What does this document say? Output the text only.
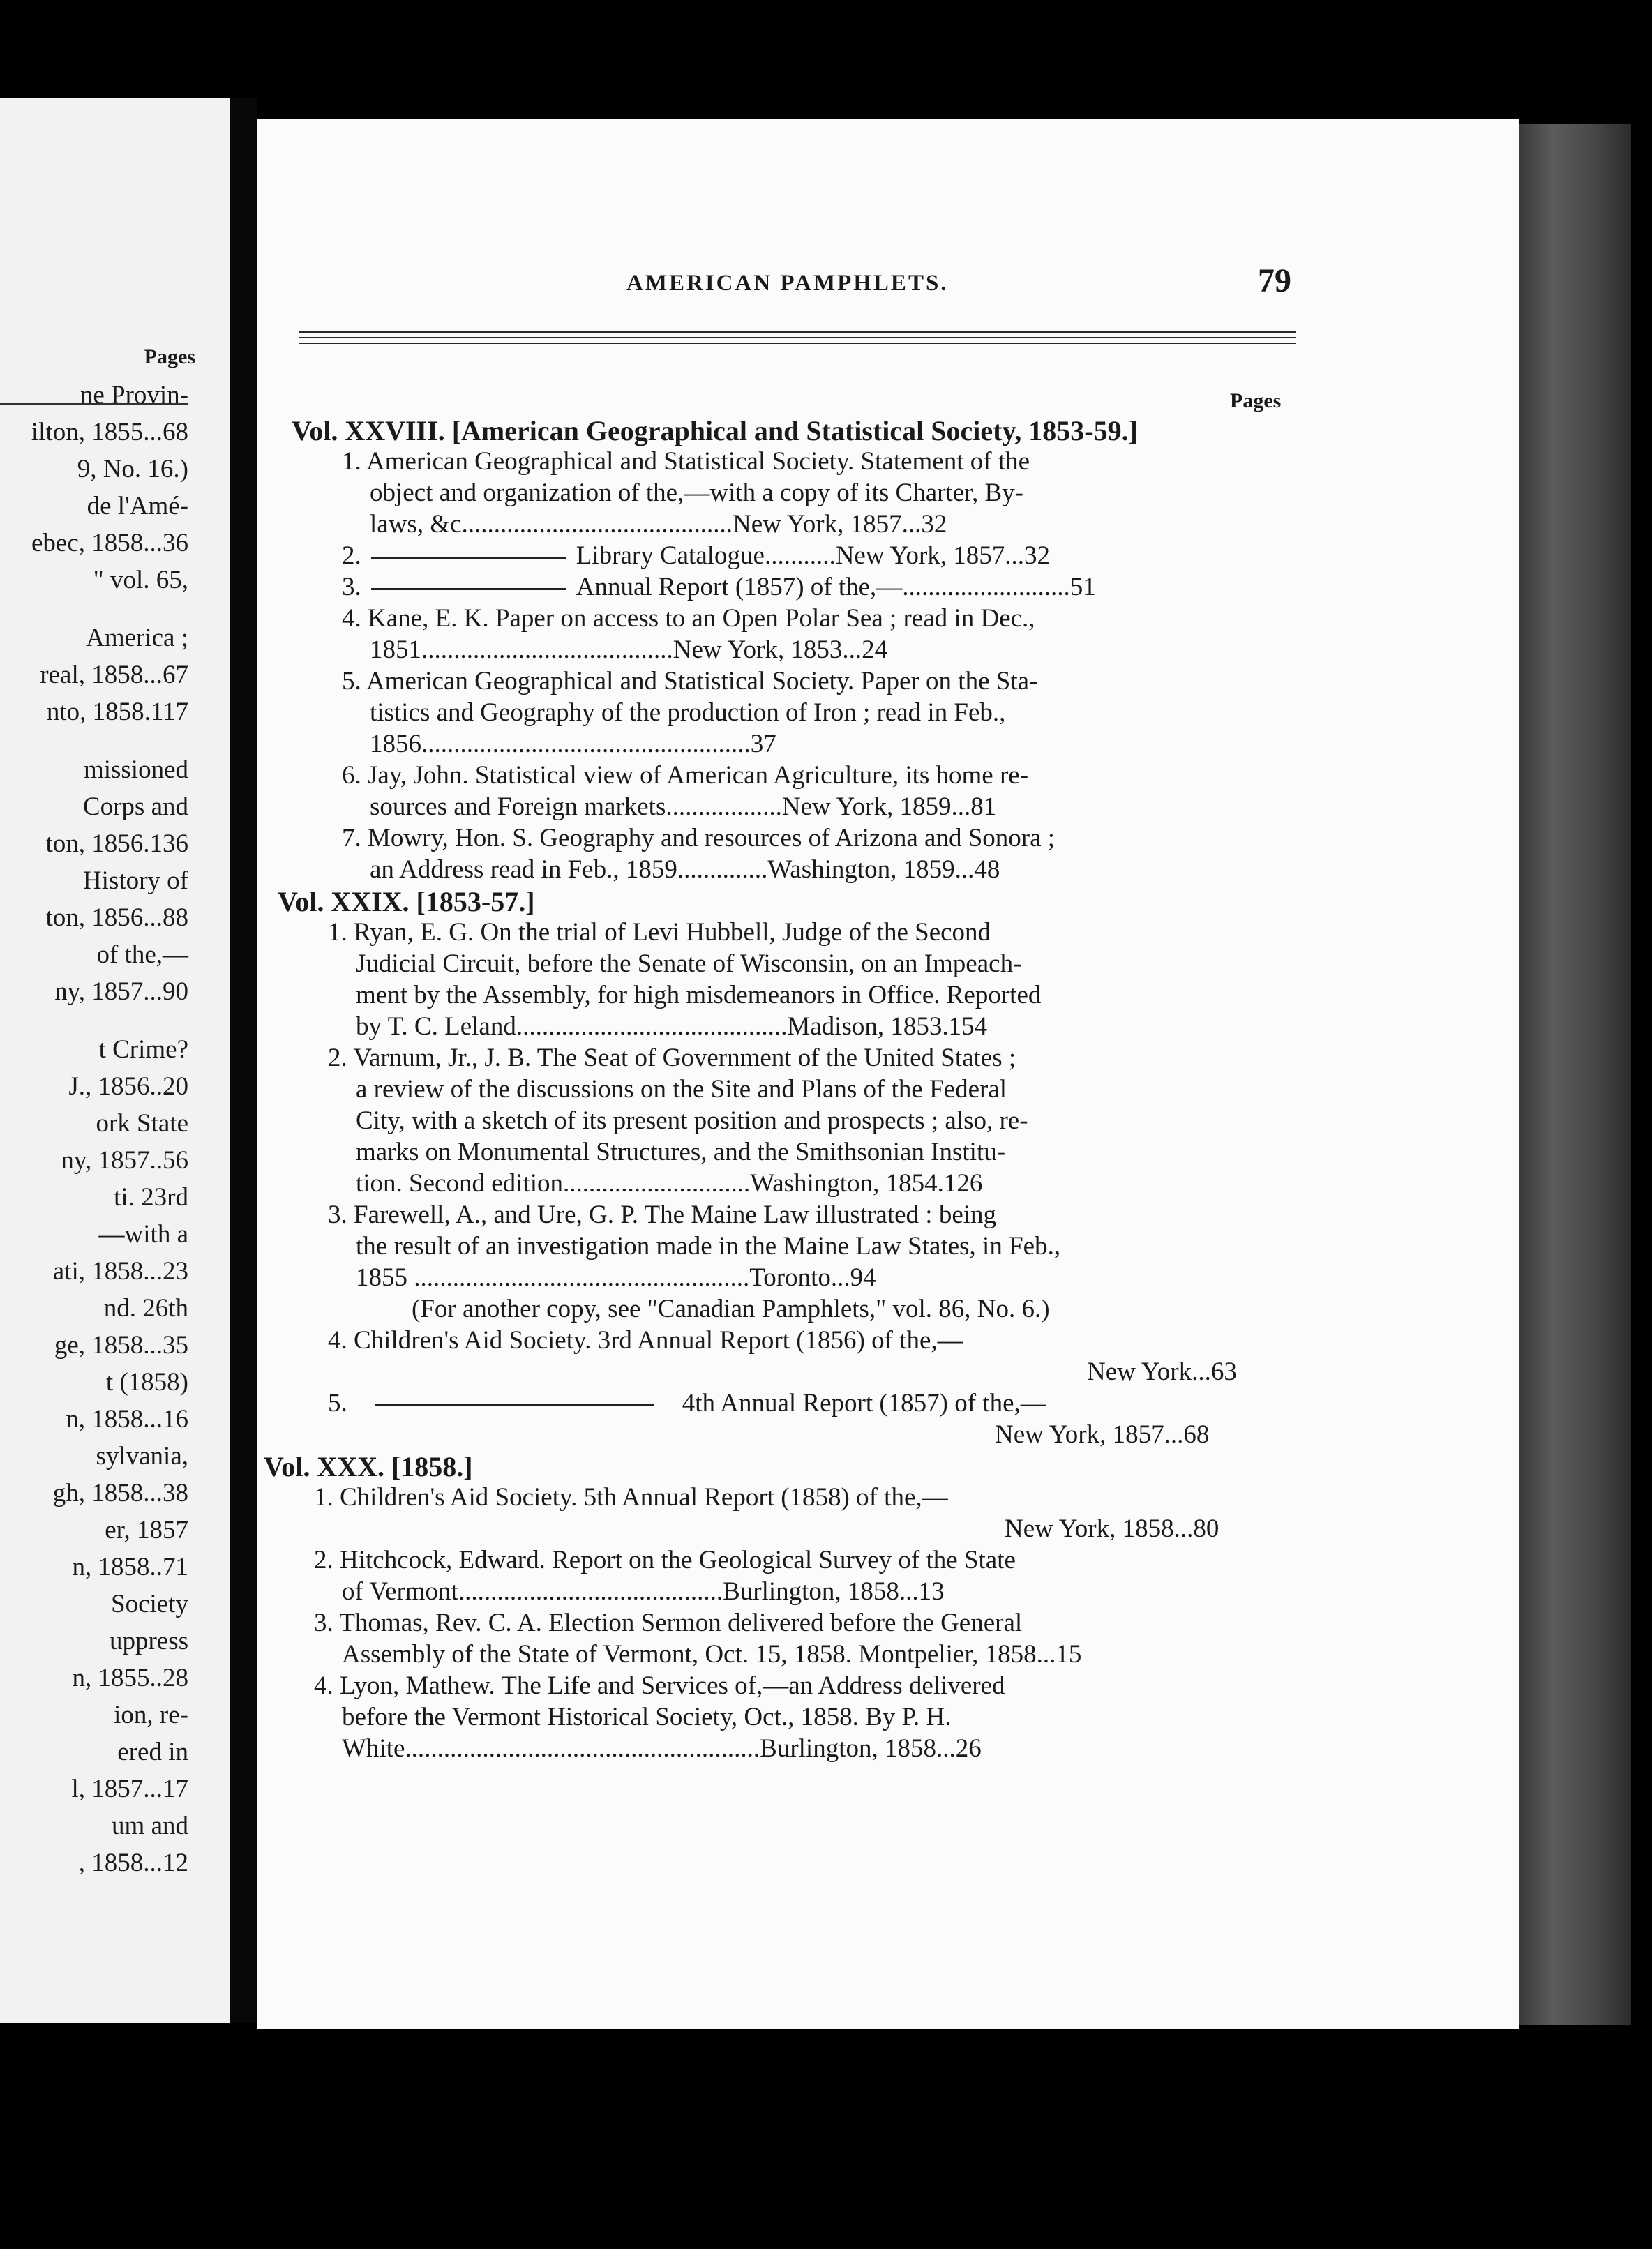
Pages
ne Provin-
ilton, 1855...68
9, No. 16.)
de l'Amé-
ebec, 1858...36
" vol. 65,
America ;
real, 1858...67
nto, 1858.117
missioned
Corps and
ton, 1856.136
History of
ton, 1856...88
of the,—
ny, 1857...90
t Crime?
J., 1856..20
ork State
ny, 1857..56
ti. 23rd
—with a
ati, 1858...23
nd. 26th
ge, 1858...35
t (1858)
n, 1858...16
sylvania,
gh, 1858...38
er, 1857
n, 1858..71
Society
uppress
n, 1855..28
ion, re-
ered in
l, 1857...17
um and
, 1858...12
AMERICAN PAMPHLETS.	79
Pages
Vol. XXVIII. [American Geographical and Statistical Society, 1853-59.]
1. American Geographical and Statistical Society. Statement of the
object and organization of the,—with a copy of its Charter, By-
laws, &c..........................................New York, 1857...32
2.	Library Catalogue...........New York, 1857...32
3.	Annual Report (1857) of the,—..........................51
4. Kane, E. K. Paper on access to an Open Polar Sea ; read in Dec.,
1851.......................................New York, 1853...24
5. American Geographical and Statistical Society. Paper on the Sta-
tistics and Geography of the production of Iron ; read in Feb.,
1856...................................................37
6. Jay, John. Statistical view of American Agriculture, its home re-
sources and Foreign markets..................New York, 1859...81
7. Mowry, Hon. S. Geography and resources of Arizona and Sonora ;
an Address read in Feb., 1859..............Washington, 1859...48
Vol. XXIX. [1853-57.]
1. Ryan, E. G. On the trial of Levi Hubbell, Judge of the Second
Judicial Circuit, before the Senate of Wisconsin, on an Impeach-
ment by the Assembly, for high misdemeanors in Office. Reported
by T. C. Leland..........................................Madison, 1853.154
2. Varnum, Jr., J. B. The Seat of Government of the United States ;
a review of the discussions on the Site and Plans of the Federal
City, with a sketch of its present position and prospects ; also, re-
marks on Monumental Structures, and the Smithsonian Institu-
tion. Second edition.............................Washington, 1854.126
3. Farewell, A., and Ure, G. P. The Maine Law illustrated : being
the result of an investigation made in the Maine Law States, in Feb.,
1855 ....................................................Toronto...94
(For another copy, see "Canadian Pamphlets," vol. 86, No. 6.)
4. Children's Aid Society. 3rd Annual Report (1856) of the,—
New York...63
5.	4th Annual Report (1857) of the,—
New York, 1857...68
Vol. XXX. [1858.]
1. Children's Aid Society. 5th Annual Report (1858) of the,—
New York, 1858...80
2. Hitchcock, Edward. Report on the Geological Survey of the State
of Vermont.........................................Burlington, 1858...13
3. Thomas, Rev. C. A. Election Sermon delivered before the General
Assembly of the State of Vermont, Oct. 15, 1858. Montpelier, 1858...15
4. Lyon, Mathew. The Life and Services of,—an Address delivered
before the Vermont Historical Society, Oct., 1858. By P. H.
White.......................................................Burlington, 1858...26
